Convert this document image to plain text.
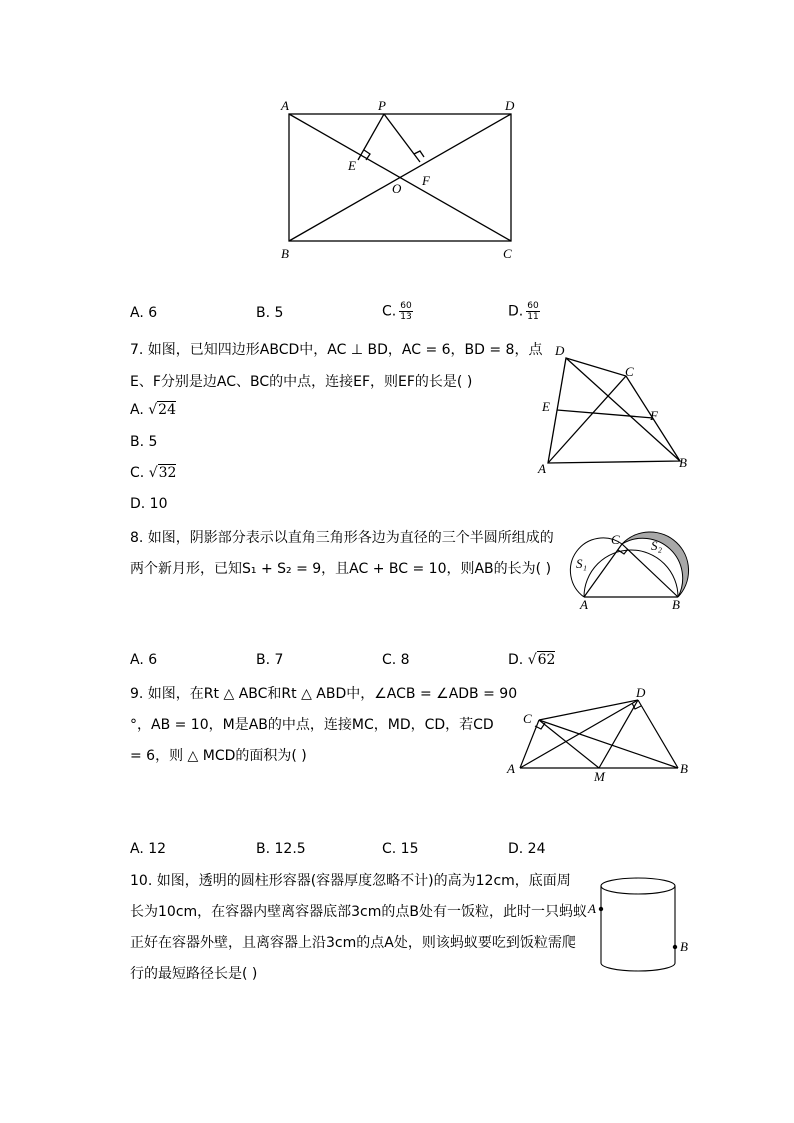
A	P	D
E
F
O
B	C
A. 6	B. 5	C. $\frac{60}{13}$	D. $\frac{60}{11}$
7. 如图，已知四边形ABCD中，AC ⊥ BD，AC = 6，BD = 8，点
E、F分别是边AC、BC的中点，连接EF，则EF的长是( )
A. √24
B. 5
C. √32
D. 10
D
C
E
F
A	B
8. 如图，阴影部分表示以直角三角形各边为直径的三个半圆所组成的
两个新月形，已知S₁ + S₂ = 9，且AC + BC = 10，则AB的长为( )
C
S₁
S₂
A	B
A. 6	B. 7	C. 8	D. √62
9. 如图，在Rt △ ABC和Rt △ ABD中，∠ACB = ∠ADB = 90
°，AB = 10，M是AB的中点，连接MC，MD，CD，若CD
= 6，则 △ MCD的面积为( )
D
C
A
M
B
A. 12	B. 12.5	C. 15	D. 24
10. 如图，透明的圆柱形容器(容器厚度忽略不计)的高为12cm，底面周
长为10cm，在容器内壁离容器底部3cm的点B处有一饭粒，此时一只蚂蚁
正好在容器外壁，且离容器上沿3cm的点A处，则该蚂蚁要吃到饭粒需爬
行的最短路径长是( )
A
B
